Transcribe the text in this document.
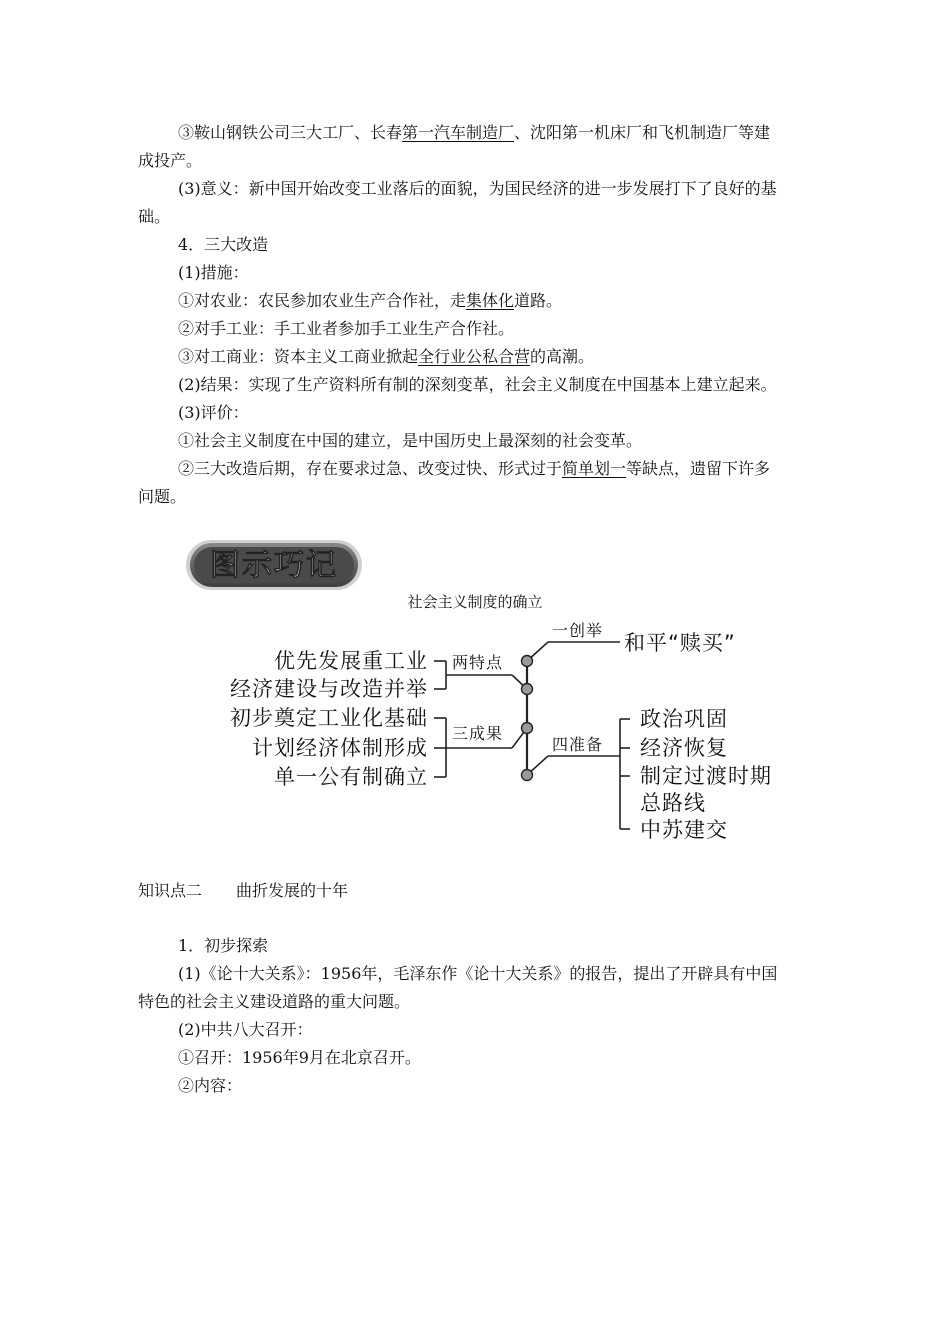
③鞍山钢铁公司三大工厂、长春第一汽车制造厂、沈阳第一机床厂和飞机制造厂等建
成投产。
(3)意义：新中国开始改变工业落后的面貌，为国民经济的进一步发展打下了良好的基
础。
4．三大改造
(1)措施：
①对农业：农民参加农业生产合作社，走集体化道路。
②对手工业：手工业者参加手工业生产合作社。
③对工商业：资本主义工商业掀起全行业公私合营的高潮。
(2)结果：实现了生产资料所有制的深刻变革，社会主义制度在中国基本上建立起来。
(3)评价：
①社会主义制度在中国的建立，是中国历史上最深刻的社会变革。
②三大改造后期，存在要求过急、改变过快、形式过于简单划一等缺点，遗留下许多
问题。
图示巧记
社会主义制度的确立
优先发展重工业
经济建设与改造并举
初步奠定工业化基础
计划经济体制形成
单一公有制确立
两特点
三成果
一创举
和平“赎买”
四准备
政治巩固
经济恢复
制定过渡时期
总路线
中苏建交
知识点二 曲折发展的十年
1．初步探索
(1)《论十大关系》：1956年，毛泽东作《论十大关系》的报告，提出了开辟具有中国
特色的社会主义建设道路的重大问题。
(2)中共八大召开：
①召开：1956年9月在北京召开。
②内容：
